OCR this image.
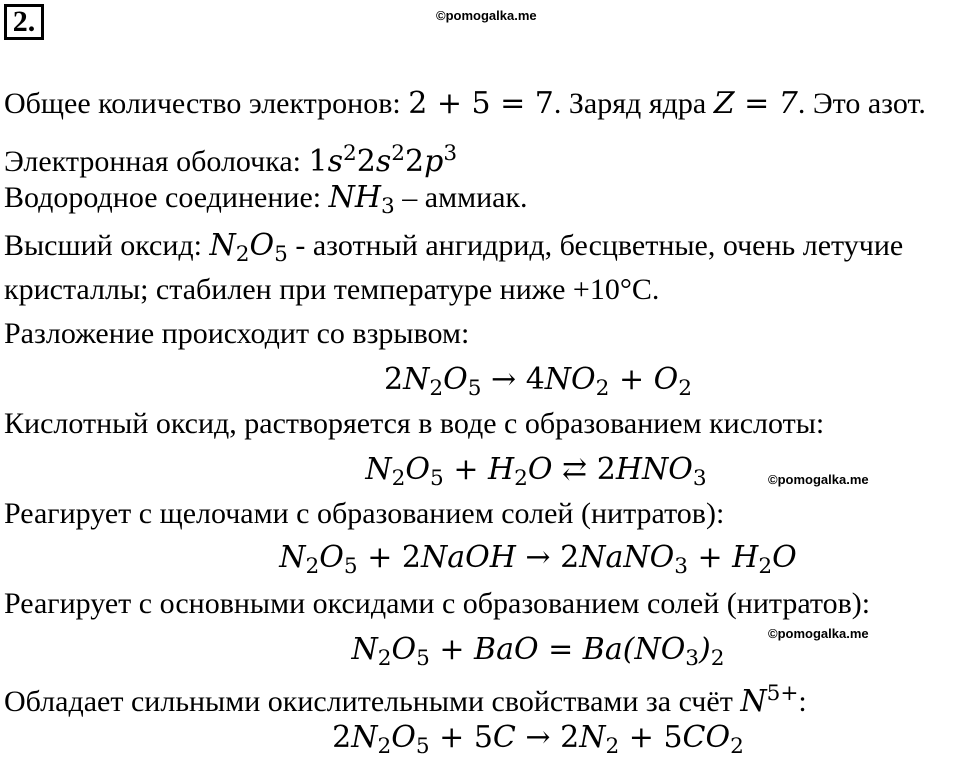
2.	©pomogalka.me
©pomogalka.me
©pomogalka.me
Общее количество электронов: 2 + 5 = 7. Заряд ядра Z = 7. Это азот.
Электронная оболочка: $1s^22s^22p^3$
Водородное соединение: $NH_3$ – аммиак.
Высший оксид: $N_2O_5$ - азотный ангидрид, бесцветные, очень летучие
кристаллы; стабилен при температуре ниже +10°С.
Разложение происходит со взрывом:
$2N_2O_5 \to 4NO_2 + O_2$
Кислотный оксид, растворяется в воде с образованием кислоты:
$N_2O_5 + H_2O$ ⇄ $2HNO_3$
Реагирует с щелочами с образованием солей (нитратов):
$N_2O_5$ + 2NaOH → 2NaNO$_3$ + $H_2O$
Реагирует с основными оксидами с образованием солей (нитратов):
$N_2O_5$ + BaO = $Ba(NO_3)_2$
Обладает сильными окислительными свойствами за счёт $N^{5+}$:
$2N_2O_5 + 5C \to 2N_2 + 5CO_2$
